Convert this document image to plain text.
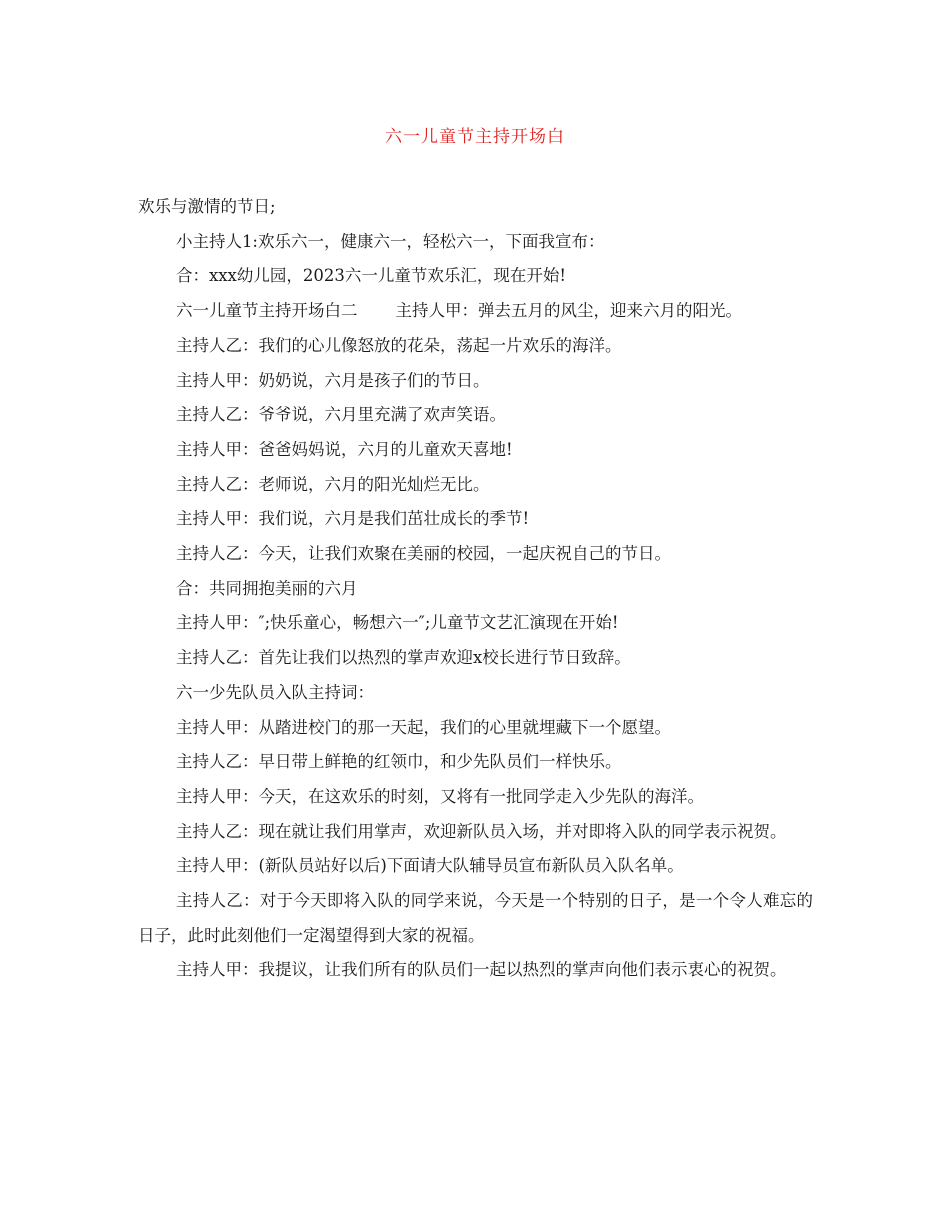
六一儿童节主持开场白

欢乐与激情的节日;

小主持人1:欢乐六一，健康六一，轻松六一，下面我宣布：

合：xxx幼儿园，2023六一儿童节欢乐汇，现在开始!

六一儿童节主持开场白二 主持人甲：弹去五月的风尘，迎来六月的阳光。

主持人乙：我们的心儿像怒放的花朵，荡起一片欢乐的海洋。

主持人甲：奶奶说，六月是孩子们的节日。

主持人乙：爷爷说，六月里充满了欢声笑语。

主持人甲：爸爸妈妈说，六月的儿童欢天喜地!

主持人乙：老师说，六月的阳光灿烂无比。

主持人甲：我们说，六月是我们茁壮成长的季节!

主持人乙：今天，让我们欢聚在美丽的校园，一起庆祝自己的节日。

合：共同拥抱美丽的六月

主持人甲：″;快乐童心，畅想六一″;儿童节文艺汇演现在开始!

主持人乙：首先让我们以热烈的掌声欢迎x校长进行节日致辞。

六一少先队员入队主持词：

主持人甲：从踏进校门的那一天起，我们的心里就埋藏下一个愿望。

主持人乙：早日带上鲜艳的红领巾，和少先队员们一样快乐。

主持人甲：今天，在这欢乐的时刻，又将有一批同学走入少先队的海洋。

主持人乙：现在就让我们用掌声，欢迎新队员入场，并对即将入队的同学表示祝贺。

主持人甲：(新队员站好以后)下面请大队辅导员宣布新队员入队名单。

主持人乙：对于今天即将入队的同学来说，今天是一个特别的日子，是一个令人难忘的日子，此时此刻他们一定渴望得到大家的祝福。

主持人甲：我提议，让我们所有的队员们一起以热烈的掌声向他们表示衷心的祝贺。
